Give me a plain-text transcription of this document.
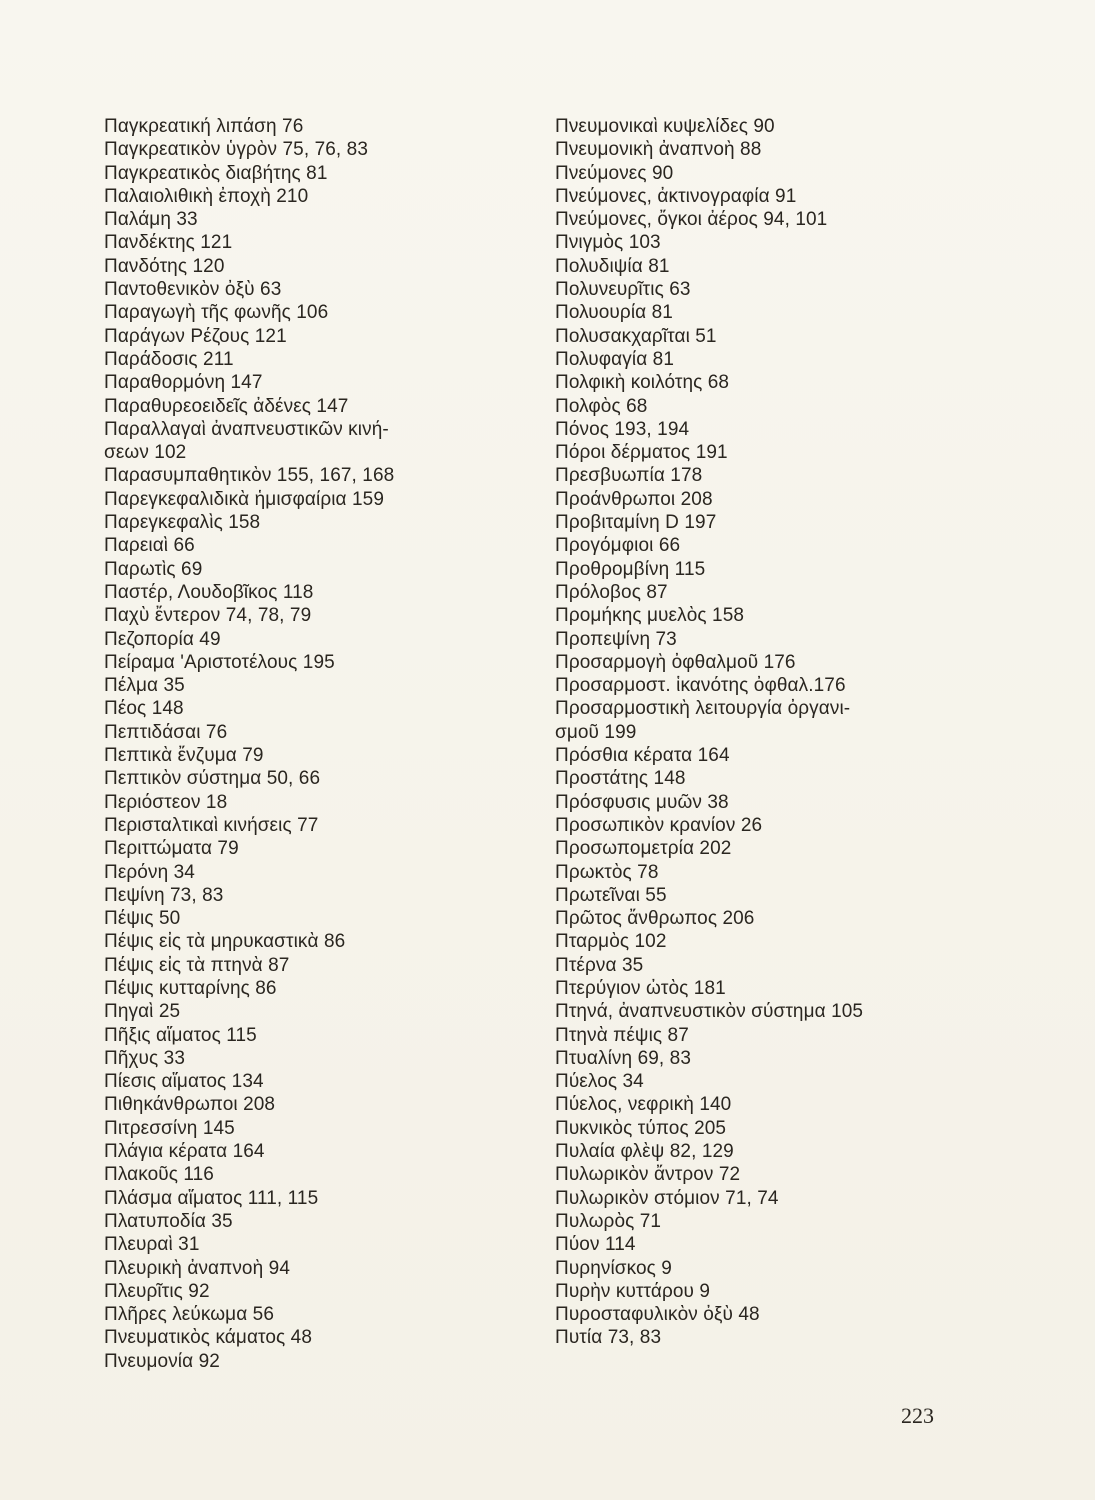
Παγκρεατική λιπάση 76
Παγκρεατικὸν ὑγρὸν 75, 76, 83
Παγκρεατικὸς διαβήτης 81
Παλαιολιθικὴ ἐποχὴ 210
Παλάμη 33
Πανδέκτης 121
Πανδότης 120
Παντοθενικὸν ὀξὺ 63
Παραγωγὴ τῆς φωνῆς 106
Παράγων Ρέζους 121
Παράδοσις 211
Παραθορμόνη 147
Παραθυρεοειδεῖς ἀδένες 147
Παραλλαγαὶ ἀναπνευστικῶν κινή-
σεων 102
Παρασυμπαθητικὸν 155, 167, 168
Παρεγκεφαλιδικὰ ἡμισφαίρια 159
Παρεγκεφαλὶς 158
Παρειαὶ 66
Παρωτὶς 69
Παστέρ, Λουδοβῖκος 118
Παχὺ ἔντερον 74, 78, 79
Πεζοπορία 49
Πείραμα 'Αριστοτέλους 195
Πέλμα 35
Πέος 148
Πεπτιδάσαι 76
Πεπτικὰ ἔνζυμα 79
Πεπτικὸν σύστημα 50, 66
Περιόστεον 18
Περισταλτικαὶ κινήσεις 77
Περιττώματα 79
Περόνη 34
Πεψίνη 73, 83
Πέψις 50
Πέψις εἰς τὰ μηρυκαστικὰ 86
Πέψις εἰς τὰ πτηνὰ 87
Πέψις κυτταρίνης 86
Πηγαὶ 25
Πῆξις αἵματος 115
Πῆχυς 33
Πίεσις αἵματος 134
Πιθηκάνθρωποι 208
Πιτρεσσίνη 145
Πλάγια κέρατα 164
Πλακοῦς 116
Πλάσμα αἵματος 111, 115
Πλατυποδία 35
Πλευραὶ 31
Πλευρικὴ ἀναπνοὴ 94
Πλευρῖτις 92
Πλῆρες λεύκωμα 56
Πνευματικὸς κάματος 48
Πνευμονία 92
Πνευμονικαὶ κυψελίδες 90
Πνευμονικὴ ἀναπνοὴ 88
Πνεύμονες 90
Πνεύμονες, ἀκτινογραφία 91
Πνεύμονες, ὄγκοι ἀέρος 94, 101
Πνιγμὸς 103
Πολυδιψία 81
Πολυνευρῖτις 63
Πολυουρία 81
Πολυσακχαρῖται 51
Πολυφαγία 81
Πολφικὴ κοιλότης 68
Πολφὸς 68
Πόνος 193, 194
Πόροι δέρματος 191
Πρεσβυωπία 178
Προάνθρωποι 208
Προβιταμίνη D 197
Προγόμφιοι 66
Προθρομβίνη 115
Πρόλοβος 87
Προμήκης μυελὸς 158
Προπεψίνη 73
Προσαρμογὴ ὀφθαλμοῦ 176
Προσαρμοστ. ἱκανότης ὀφθαλ.176
Προσαρμοστικὴ λειτουργία ὀργανι-
σμοῦ 199
Πρόσθια κέρατα 164
Προστάτης 148
Πρόσφυσις μυῶν 38
Προσωπικὸν κρανίον 26
Προσωπομετρία 202
Πρωκτὸς 78
Πρωτεῖναι 55
Πρῶτος ἄνθρωπος 206
Πταρμὸς 102
Πτέρνα 35
Πτερύγιον ὠτὸς 181
Πτηνά, ἀναπνευστικὸν σύστημα 105
Πτηνὰ πέψις 87
Πτυαλίνη 69, 83
Πύελος 34
Πύελος, νεφρικὴ 140
Πυκνικὸς τύπος 205
Πυλαία φλὲψ 82, 129
Πυλωρικὸν ἄντρον 72
Πυλωρικὸν στόμιον 71, 74
Πυλωρὸς 71
Πύον 114
Πυρηνίσκος 9
Πυρὴν κυττάρου 9
Πυροσταφυλικὸν ὀξὺ 48
Πυτία 73, 83
223
